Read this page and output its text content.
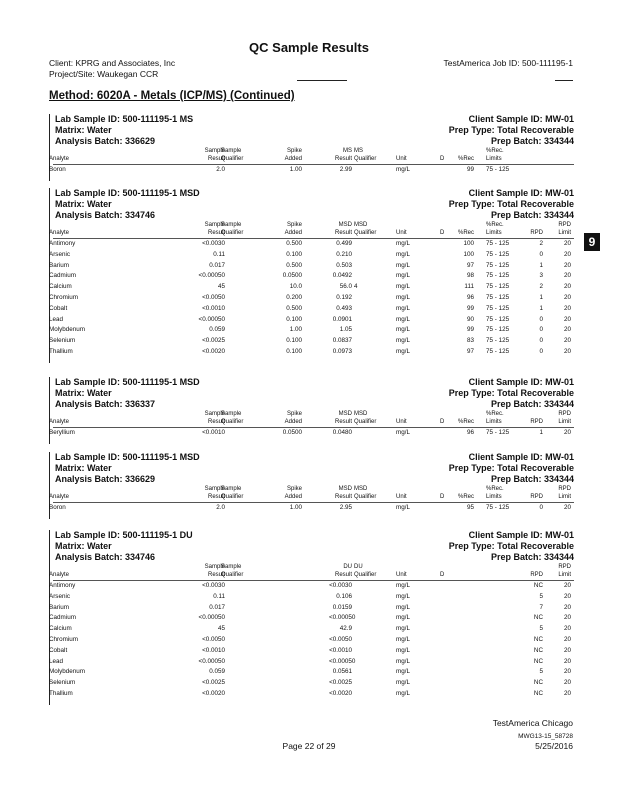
QC Sample Results
Client: KPRG and Associates, Inc
Project/Site: Waukegan CCR
TestAmerica Job ID: 500-111195-1
Method: 6020A - Metals (ICP/MS) (Continued)
9
Lab Sample ID: 500-111195-1 MS
Matrix: Water
Analysis Batch: 336629
Client Sample ID: MW-01
Prep Type: Total Recoverable
Prep Batch: 334344
Sample
Sample	Spike	MS MS	%Rec.
Analyte	Result
Qualifier	Added	Result Qualifier	Unit	D	%Rec Limits
Boron	2.0	1.00	2.99	mg/L	99 75 - 125
Lab Sample ID: 500-111195-1 MSD
Matrix: Water
Analysis Batch: 334746
Client Sample ID: MW-01
Prep Type: Total Recoverable
Prep Batch: 334344
Sample
Sample	Spike	MSD MSD	%Rec.	RPD
Analyte	Result
Qualifier	Added	Result Qualifier	Unit	D	%Rec Limits	RPD	Limit
Antimony	<0.0030	0.500	0.499	mg/L	100 75 - 125	2	20
Arsenic	0.11	0.100	0.210	mg/L	100 75 - 125	0	20
Barium	0.017	0.500	0.503	mg/L	97 75 - 125	1	20
Cadmium	<0.00050	0.0500	0.0492	mg/L	98 75 - 125	3	20
Calcium	45	10.0	56.0 4	mg/L	111 75 - 125	2	20
Chromium	<0.0050	0.200	0.192	mg/L	96 75 - 125	1	20
Cobalt	<0.0010	0.500	0.493	mg/L	99 75 - 125	1	20
Lead	<0.00050	0.100	0.0901	mg/L	90 75 - 125	0	20
Molybdenum	0.059	1.00	1.05	mg/L	99 75 - 125	0	20
Selenium	<0.0025	0.100	0.0837	mg/L	83 75 - 125	0	20
Thallium	<0.0020	0.100	0.0973	mg/L	97 75 - 125	0	20
Lab Sample ID: 500-111195-1 MSD
Matrix: Water
Analysis Batch: 336337
Client Sample ID: MW-01
Prep Type: Total Recoverable
Prep Batch: 334344
Sample
Sample	Spike	MSD MSD	%Rec.	RPD
Analyte	Result
Qualifier	Added	Result Qualifier	Unit	D	%Rec Limits	RPD	Limit
Beryllium	<0.0010	0.0500	0.0480	mg/L	96 75 - 125	1	20
Lab Sample ID: 500-111195-1 MSD
Matrix: Water
Analysis Batch: 336629
Client Sample ID: MW-01
Prep Type: Total Recoverable
Prep Batch: 334344
Sample
Sample	Spike	MSD MSD	%Rec.	RPD
Analyte	Result
Qualifier	Added	Result Qualifier	Unit	D	%Rec Limits	RPD	Limit
Boron	2.0	1.00	2.95	mg/L	95 75 - 125	0	20
Lab Sample ID: 500-111195-1 DU
Matrix: Water
Analysis Batch: 334746
Client Sample ID: MW-01
Prep Type: Total Recoverable
Prep Batch: 334344
Sample
Sample	DU DU	RPD
Analyte	Result
Qualifier	Result Qualifier	Unit	D	RPD	Limit
Antimony	<0.0030	<0.0030	mg/L	NC	20
Arsenic	0.11	0.106	mg/L	5	20
Barium	0.017	0.0159	mg/L	7	20
Cadmium	<0.00050	<0.00050	mg/L	NC	20
Calcium	45	42.9	mg/L	5	20
Chromium	<0.0050	<0.0050	mg/L	NC	20
Cobalt	<0.0010	<0.0010	mg/L	NC	20
Lead	<0.00050	<0.00050	mg/L	NC	20
Molybdenum	0.059	0.0561	mg/L	5	20
Selenium	<0.0025	<0.0025	mg/L	NC	20
Thallium	<0.0020	<0.0020	mg/L	NC	20
TestAmerica Chicago
Page 22 of 29
MWG13-15_58728
5/25/2016
